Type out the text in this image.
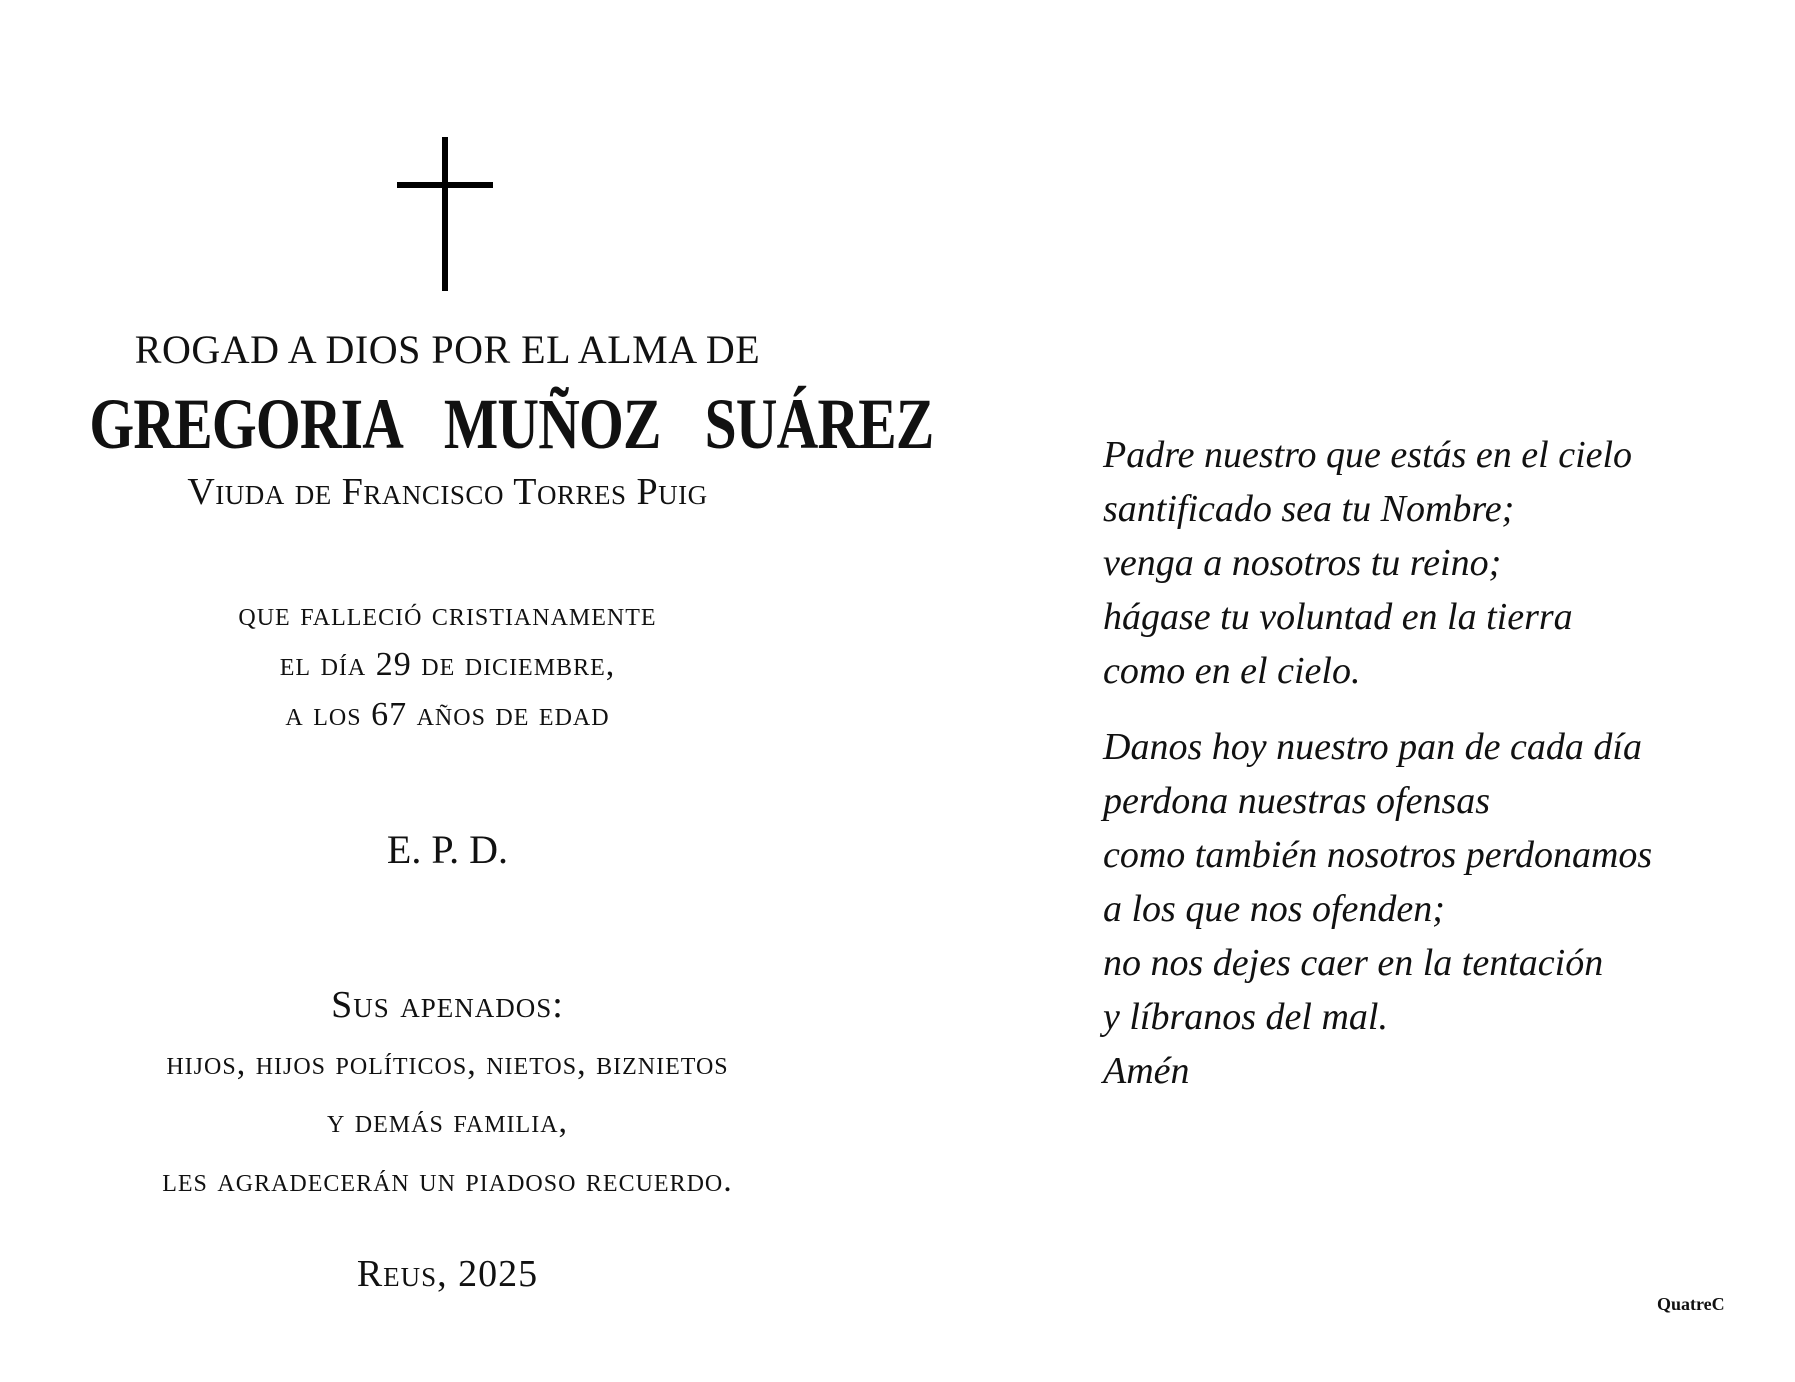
ROGAD A DIOS POR EL ALMA DE
GREGORIA MUÑOZ SUÁREZ
Viuda de Francisco Torres Puig
que falleció cristianamente
el día 29 de diciembre,
a los 67 años de edad
E. P. D.
Sus apenados:
hijos, hijos políticos, nietos, biznietos
y demás familia,
les agradecerán un piadoso recuerdo.
Reus, 2025
Padre nuestro que estás en el cielo
santificado sea tu Nombre;
venga a nosotros tu reino;
hágase tu voluntad en la tierra
como en el cielo.
Danos hoy nuestro pan de cada día
perdona nuestras ofensas
como también nosotros perdonamos
a los que nos ofenden;
no nos dejes caer en la tentación
y líbranos del mal.
Amén
QuatreC
